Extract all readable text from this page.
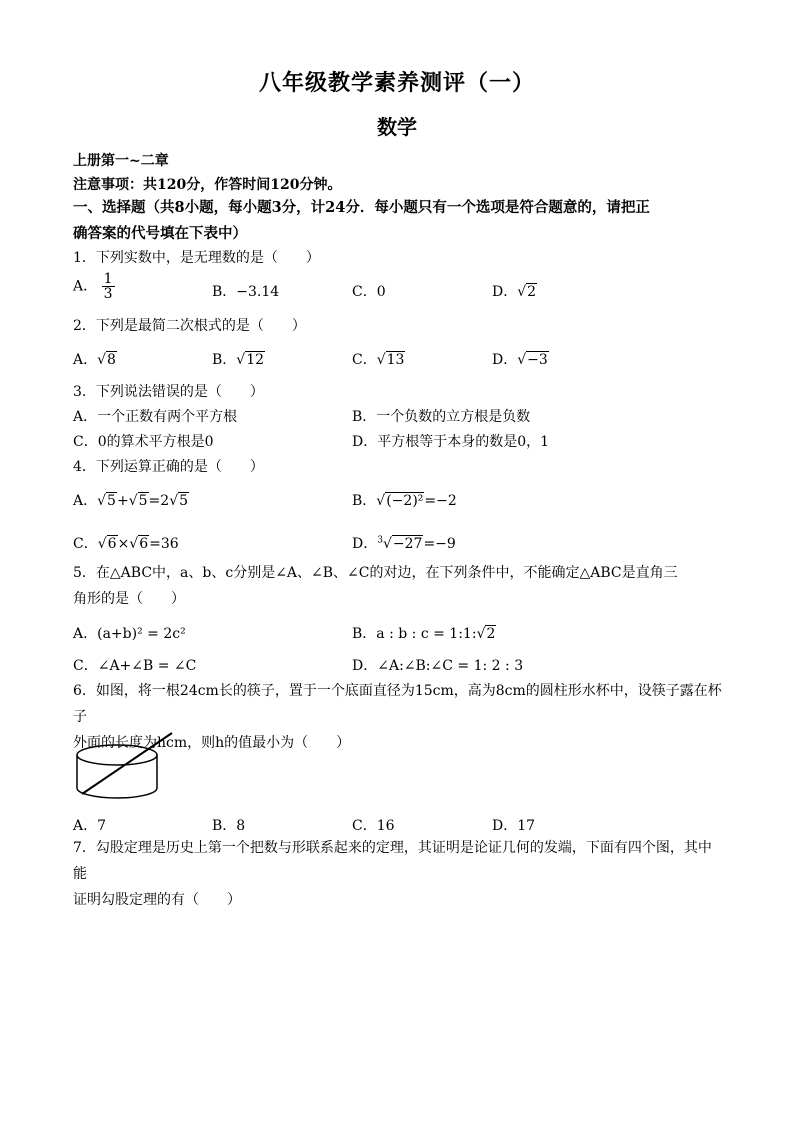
八年级教学素养测评（一）
数学
上册第一~二章
注意事项：共120分，作答时间120分钟。
一、选择题（共8小题，每小题3分，计24分．每小题只有一个选项是符合题意的，请把正
确答案的代号填在下表中）
1．下列实数中，是无理数的是（　　）
A． $\frac{1}{3}$	B．−3.14	C．0	D．√2
2．下列是最简二次根式的是（　　）
A．√8	B．√12	C．√13	D．√−3
3．下列说法错误的是（　　）
A．一个正数有两个平方根	B．一个负数的立方根是负数
C．0的算术平方根是0	D．平方根等于本身的数是0，1
4．下列运算正确的是（　　）
A．√5+√5=2√5	B．√(−2)²=−2
C．√6×√6=36	D．$^3$√−27=−9
5．在△ABC中，a、b、c分别是∠A、∠B、∠C的对边，在下列条件中，不能确定△ABC是直角三
角形的是（　　）
A．(a+b)² = 2c²	B．a : b : c = 1:1:√2
C．∠A+∠B = ∠C	D．∠A:∠B:∠C = 1: 2 : 3
6．如图，将一根24cm长的筷子，置于一个底面直径为15cm，高为8cm的圆柱形水杯中，设筷子露在杯子
外面的长度为hcm，则h的值最小为（　　）
A．7	B．8	C．16	D．17
7．勾股定理是历史上第一个把数与形联系起来的定理，其证明是论证几何的发端，下面有四个图，其中能
证明勾股定理的有（　　）
